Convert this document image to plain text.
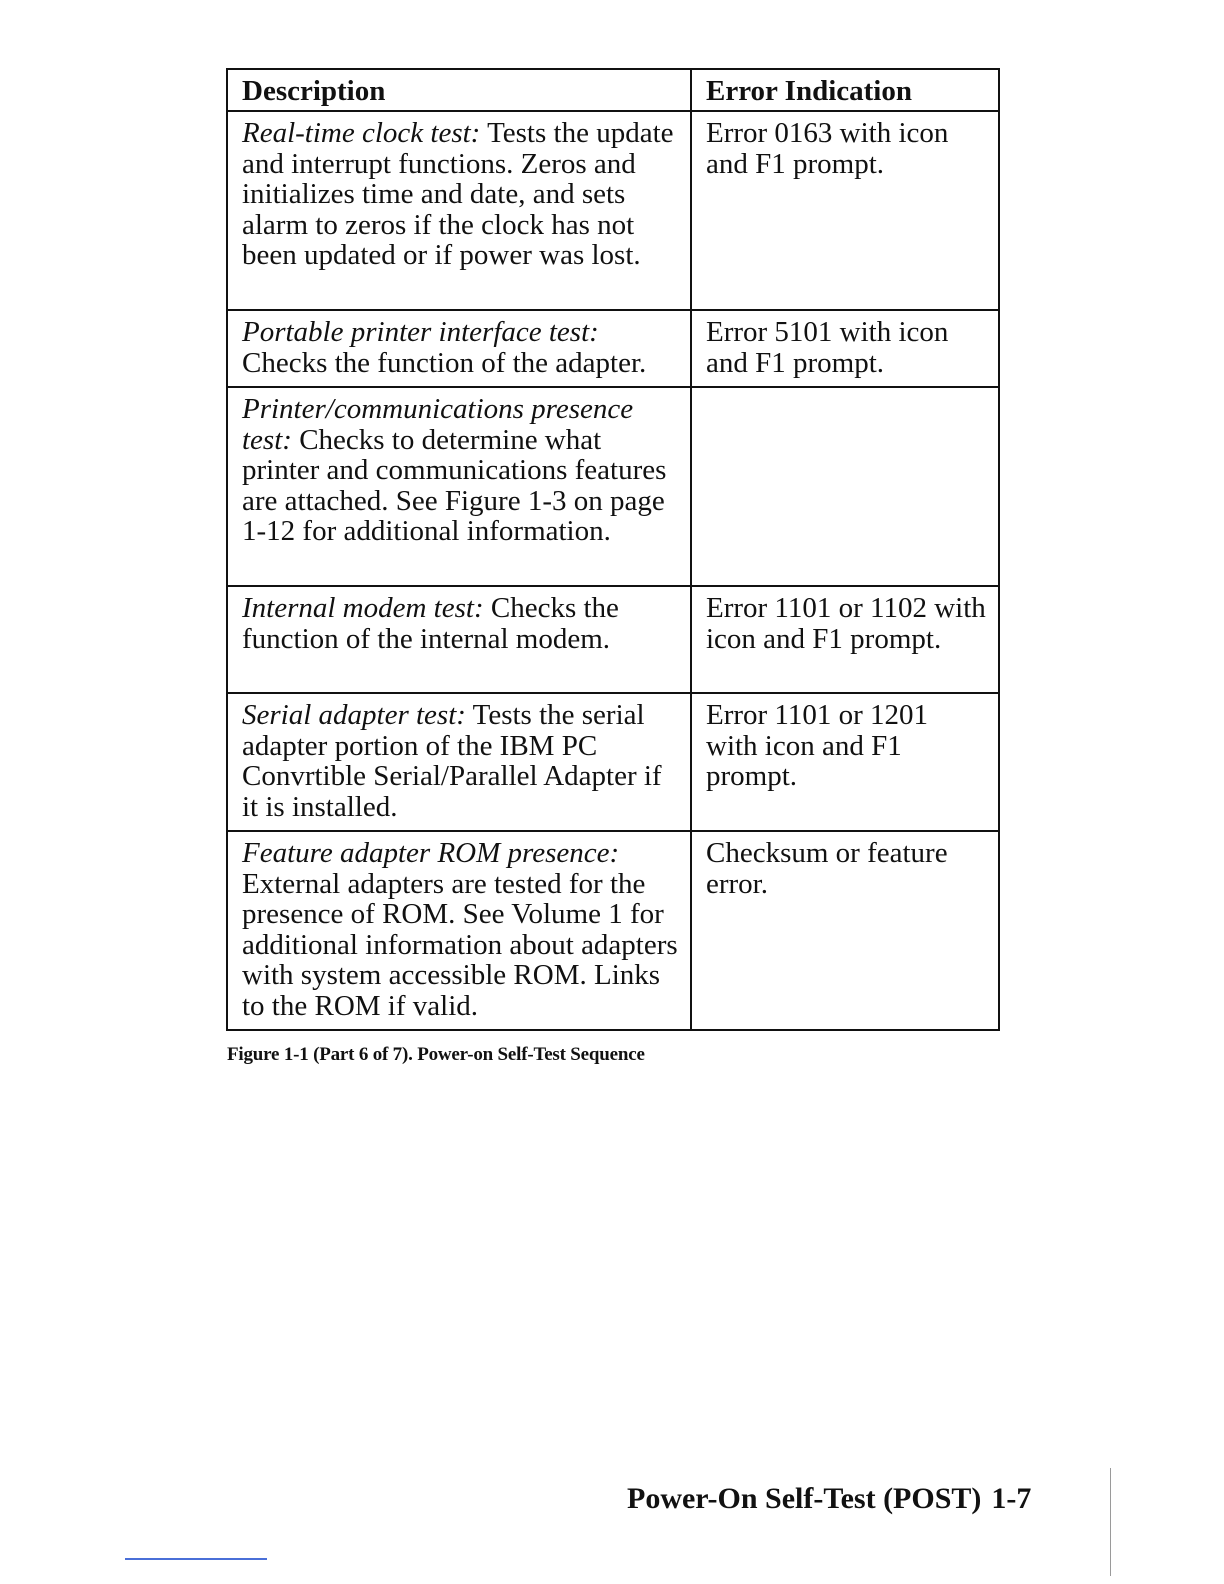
Description	Error Indication
Real-time clock test: Tests the update and interrupt functions. Zeros and initializes time and date, and sets alarm to zeros if the clock has not been updated or if power was lost.	Error 0163 with icon and F1 prompt.
Portable printer interface test: Checks the function of the adapter.	Error 5101 with icon and F1 prompt.
Printer/communications presence test: Checks to determine what printer and communications features are attached. See Figure 1-3 on page 1-12 for additional information.	
Internal modem test: Checks the function of the internal modem.	Error 1101 or 1102 with icon and F1 prompt.
Serial adapter test: Tests the serial adapter portion of the IBM PC Convrtible Serial/Parallel Adapter if it is installed.	Error 1101 or 1201 with icon and F1 prompt.
Feature adapter ROM presence: External adapters are tested for the presence of ROM. See Volume 1 for additional information about adapters with system accessible ROM. Links to the ROM if valid.	Checksum or feature error.
Figure 1-1 (Part 6 of 7). Power-on Self-Test Sequence
Power-On Self-Test (POST) 1-7
